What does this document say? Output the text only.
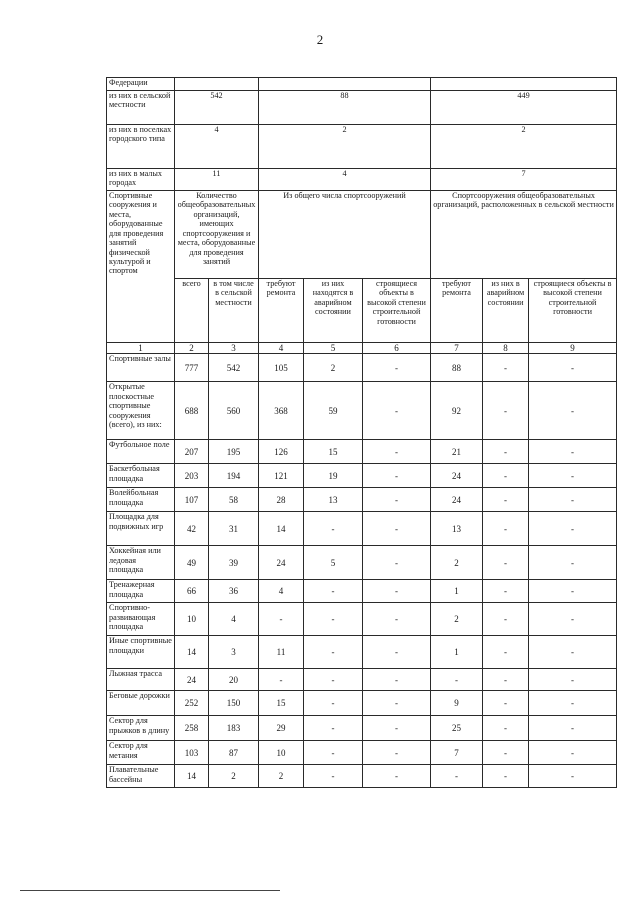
2
Федерации								
из них в сельской местности	542		88			449		
из них в поселках городского типа	4		2			2		
из них в малых городах	11		4			7		
Спортивные сооружения и места, оборудованные для проведения занятий физической культурой и спортом	Количество общеобразовательных организаций, имеющих спортсооружения и места, оборудованные для проведения занятий		Из общего числа спортсооружений			Спортсооружения общеобразовательных организаций, расположенных в сельской местности		
	всего	в том числе в сельской местности	требуют ремонта	из них находятся в аварийном состоянии	строящиеся объекты в высокой степени строительной готовности	требуют ремонта	из них в аварийном состоянии	строящиеся объекты в высокой степени строительной готовности
1	2	3	4	5	6	7	8	9
Спортивные залы	777	542	105	2	-	88	-	-
Открытые плоскостные спортивные сооружения (всего), из них:	688	560	368	59	-	92	-	-
Футбольное поле	207	195	126	15	-	21	-	-
Баскетбольная площадка	203	194	121	19	-	24	-	-
Волейбольная площадка	107	58	28	13	-	24	-	-
Площадка для подвижных игр	42	31	14	-	-	13	-	-
Хоккейная или ледовая площадка	49	39	24	5	-	2	-	-
Тренажерная площадка	66	36	4	-	-	1	-	-
Спортивно-развивающая площадка	10	4	-	-	-	2	-	-
Иные спортивные площадки	14	3	11	-	-	1	-	-
Лыжная трасса	24	20	-	-	-	-	-	-
Беговые дорожки	252	150	15	-	-	9	-	-
Сектор для прыжков в длину	258	183	29	-	-	25	-	-
Сектор для метания	103	87	10	-	-	7	-	-
Плавательные бассейны	14	2	2	-	-	-	-	-
